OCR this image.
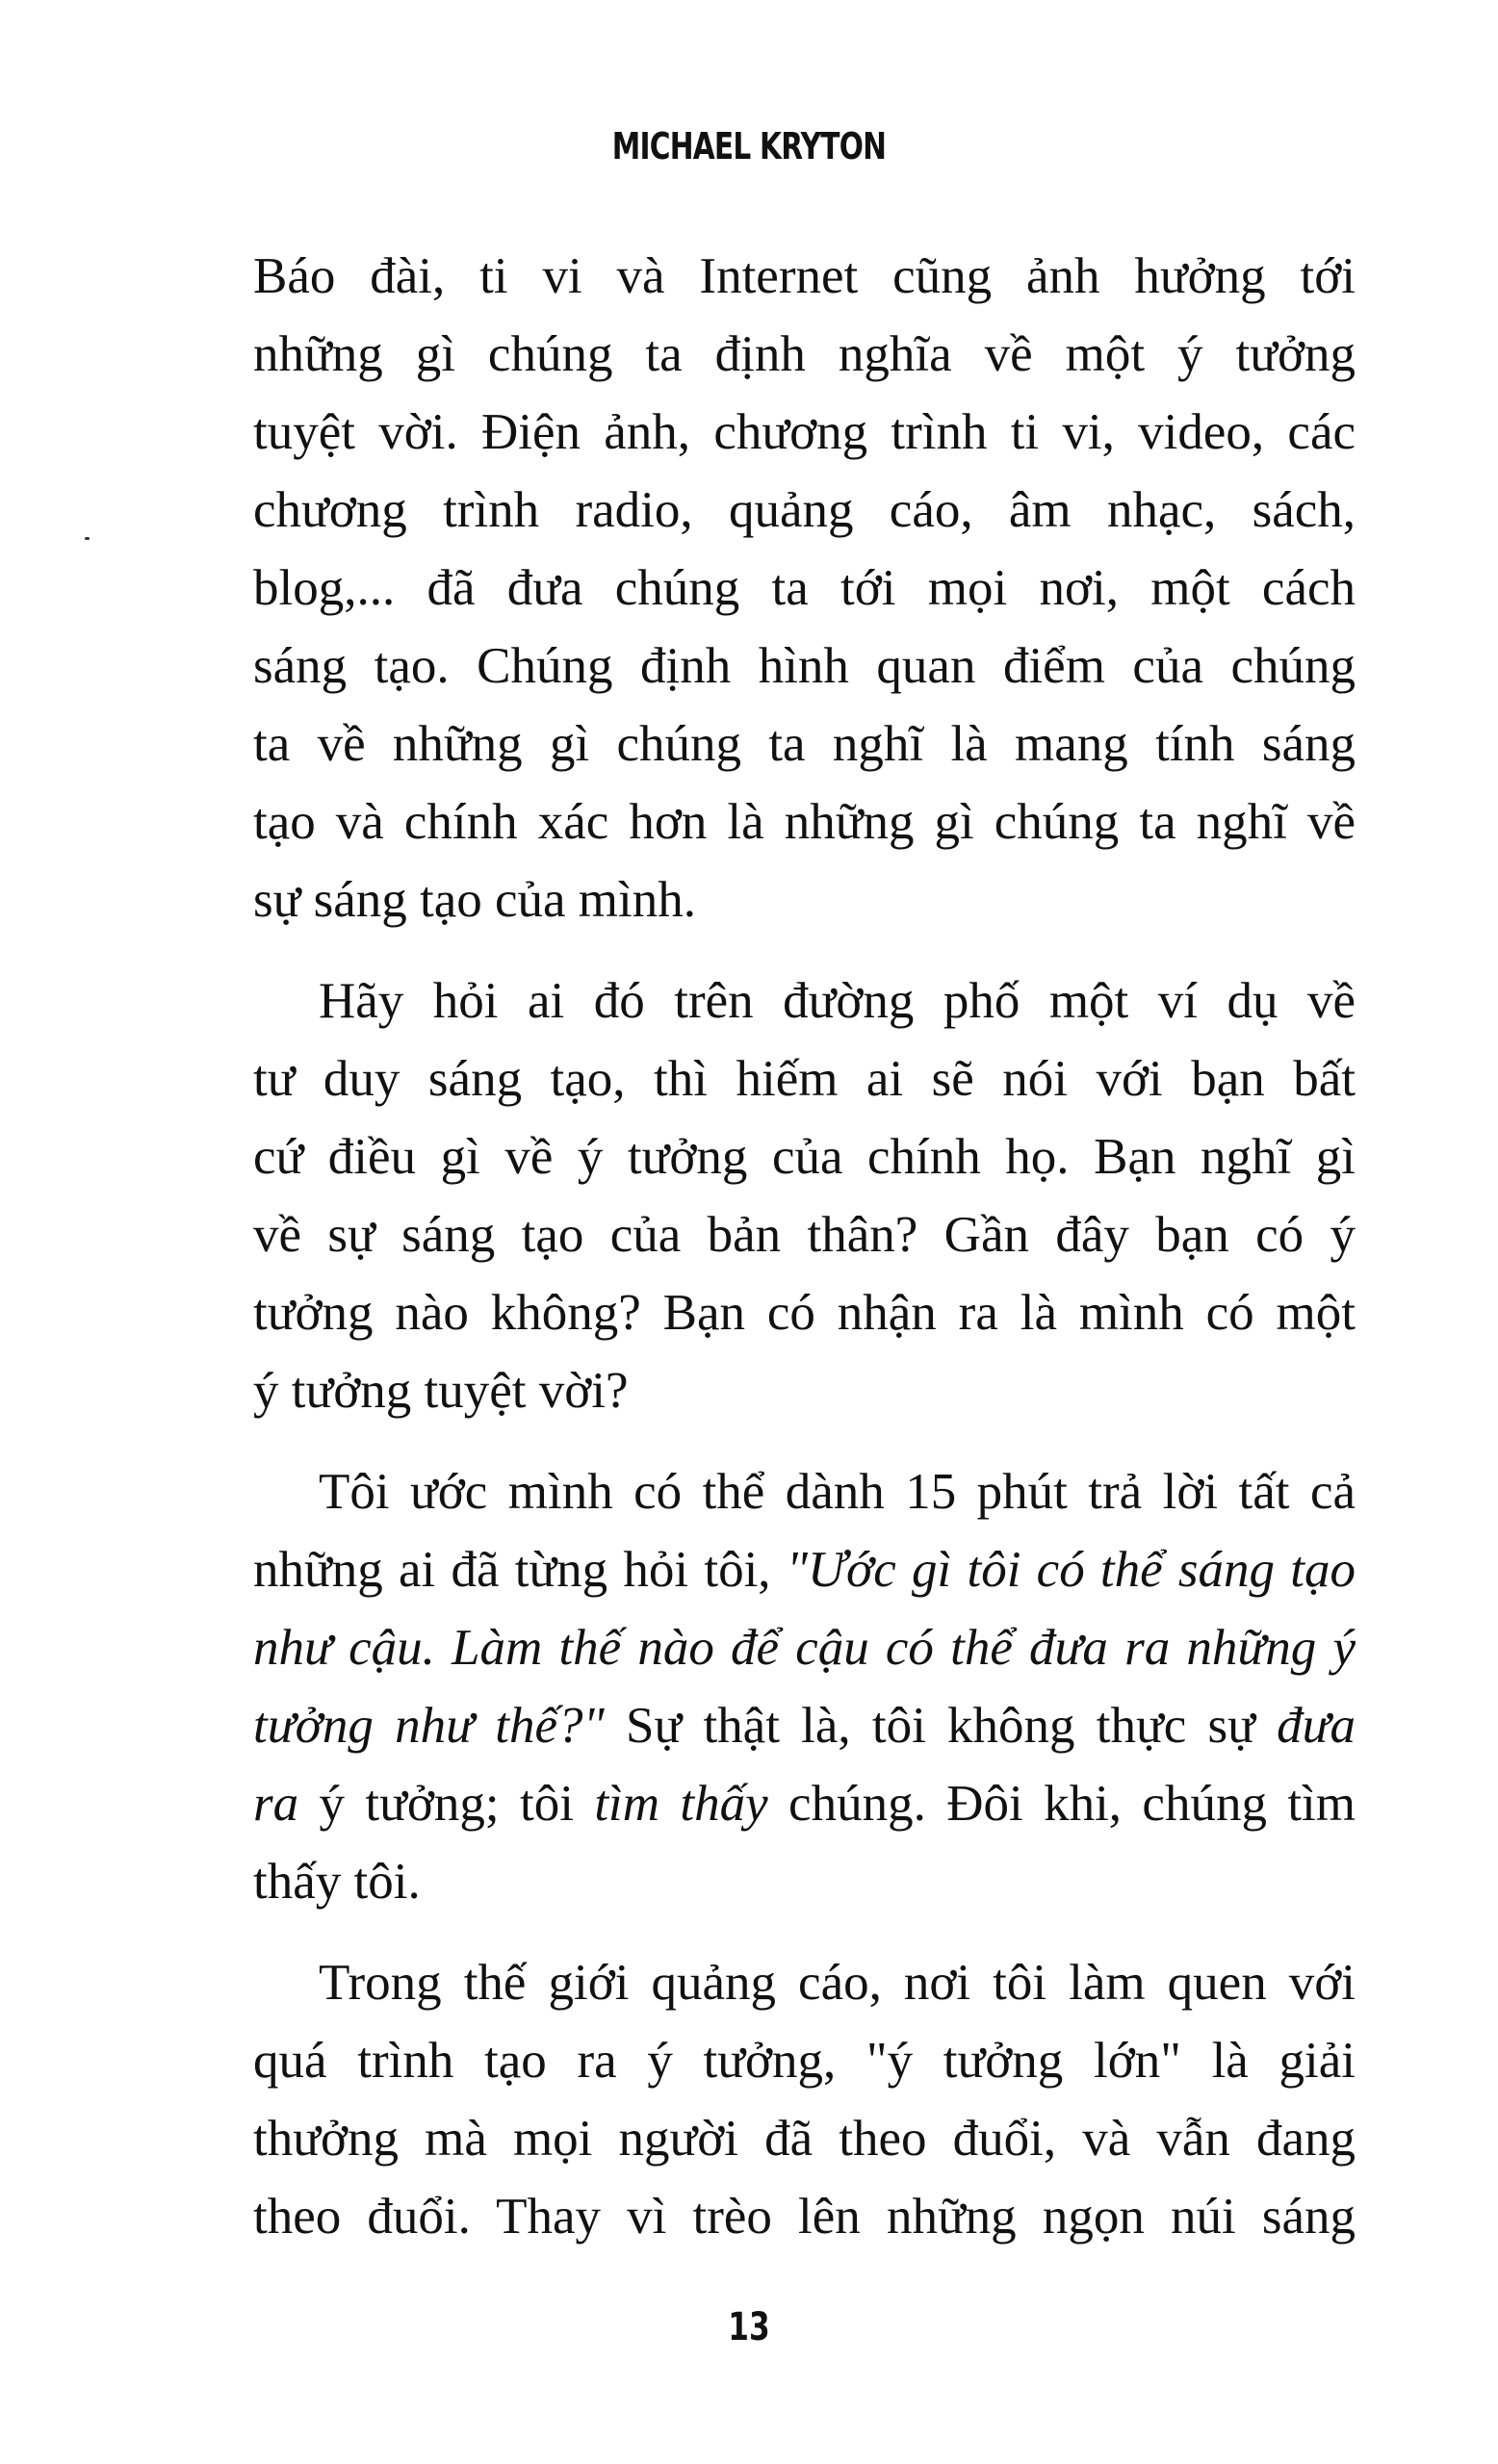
MICHAEL KRYTON
Báo đài, ti vi và Internet cũng ảnh hưởng tới
những gì chúng ta định nghĩa về một ý tưởng
tuyệt vời. Điện ảnh, chương trình ti vi, video, các
chương trình radio, quảng cáo, âm nhạc, sách,
blog,... đã đưa chúng ta tới mọi nơi, một cách
sáng tạo. Chúng định hình quan điểm của chúng
ta về những gì chúng ta nghĩ là mang tính sáng
tạo và chính xác hơn là những gì chúng ta nghĩ về
sự sáng tạo của mình.
Hãy hỏi ai đó trên đường phố một ví dụ về
tư duy sáng tạo, thì hiếm ai sẽ nói với bạn bất
cứ điều gì về ý tưởng của chính họ. Bạn nghĩ gì
về sự sáng tạo của bản thân? Gần đây bạn có ý
tưởng nào không? Bạn có nhận ra là mình có một
ý tưởng tuyệt vời?
Tôi ước mình có thể dành 15 phút trả lời tất cả
những ai đã từng hỏi tôi, "Ước gì tôi có thể sáng tạo
như cậu. Làm thế nào để cậu có thể đưa ra những ý
tưởng như thế?" Sự thật là, tôi không thực sự đưa
ra ý tưởng; tôi tìm thấy chúng. Đôi khi, chúng tìm
thấy tôi.
Trong thế giới quảng cáo, nơi tôi làm quen với
quá trình tạo ra ý tưởng, "ý tưởng lớn" là giải
thưởng mà mọi người đã theo đuổi, và vẫn đang
theo đuổi. Thay vì trèo lên những ngọn núi sáng
13
